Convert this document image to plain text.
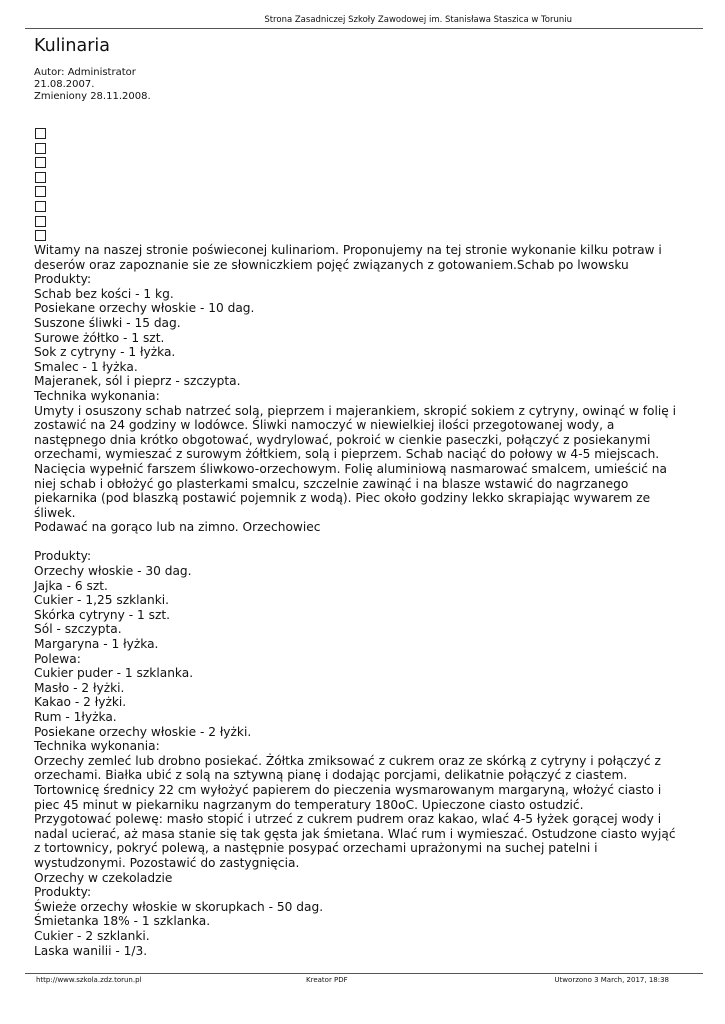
Strona Zasadniczej Szkoły Zawodowej im. Stanisława Staszica w Toruniu
Kulinaria
Autor: Administrator
21.08.2007.
Zmieniony 28.11.2008.
Witamy na naszej stronie poświeconej kulinariom. Proponujemy na tej stronie wykonanie kilku potraw i
deserów oraz zapoznanie sie ze słowniczkiem pojęć związanych z gotowaniem.Schab po lwowsku
Produkty:
Schab bez kości - 1 kg.
Posiekane orzechy włoskie - 10 dag.
Suszone śliwki - 15 dag.
Surowe żółtko - 1 szt.
Sok z cytryny - 1 łyżka.
Smalec - 1 łyżka.
Majeranek, sól i pieprz - szczypta.
Technika wykonania:
Umyty i osuszony schab natrzeć solą, pieprzem i majerankiem, skropić sokiem z cytryny, owinąć w folię i
zostawić na 24 godziny w lodówce. Śliwki namoczyć w niewielkiej ilości przegotowanej wody, a
następnego dnia krótko obgotować, wydrylować, pokroić w cienkie paseczki, połączyć z posiekanymi
orzechami, wymieszać z surowym żółtkiem, solą i pieprzem. Schab naciąć do połowy w 4-5 miejscach.
Nacięcia wypełnić farszem śliwkowo-orzechowym. Folię aluminiową nasmarować smalcem, umieścić na
niej schab i obłożyć go plasterkami smalcu, szczelnie zawinąć i na blasze wstawić do nagrzanego
piekarnika (pod blaszką postawić pojemnik z wodą). Piec około godziny lekko skrapiając wywarem ze
śliwek.
Podawać na gorąco lub na zimno. Orzechowiec
Produkty:
Orzechy włoskie - 30 dag.
Jajka - 6 szt.
Cukier - 1,25 szklanki.
Skórka cytryny - 1 szt.
Sól - szczypta.
Margaryna - 1 łyżka.
Polewa:
Cukier puder - 1 szklanka.
Masło - 2 łyżki.
Kakao - 2 łyżki.
Rum - 1łyżka.
Posiekane orzechy włoskie - 2 łyżki.
Technika wykonania:
Orzechy zemleć lub drobno posiekać. Żółtka zmiksować z cukrem oraz ze skórką z cytryny i połączyć z
orzechami. Białka ubić z solą na sztywną pianę i dodając porcjami, delikatnie połączyć z ciastem.
Tortownicę średnicy 22 cm wyłożyć papierem do pieczenia wysmarowanym margaryną, włożyć ciasto i
piec 45 minut w piekarniku nagrzanym do temperatury 180oC. Upieczone ciasto ostudzić.
Przygotować polewę: masło stopić i utrzeć z cukrem pudrem oraz kakao, wlać 4-5 łyżek gorącej wody i
nadal ucierać, aż masa stanie się tak gęsta jak śmietana. Wlać rum i wymieszać. Ostudzone ciasto wyjąć
z tortownicy, pokryć polewą, a następnie posypać orzechami uprażonymi na suchej patelni i
wystudzonymi. Pozostawić do zastygnięcia.
Orzechy w czekoladzie
Produkty:
Świeże orzechy włoskie w skorupkach - 50 dag.
Śmietanka 18% - 1 szklanka.
Cukier - 2 szklanki.
Laska wanilii - 1/3.
http://www.szkola.zdz.torun.pl	Kreator PDF	Utworzono 3 March, 2017, 18:38
